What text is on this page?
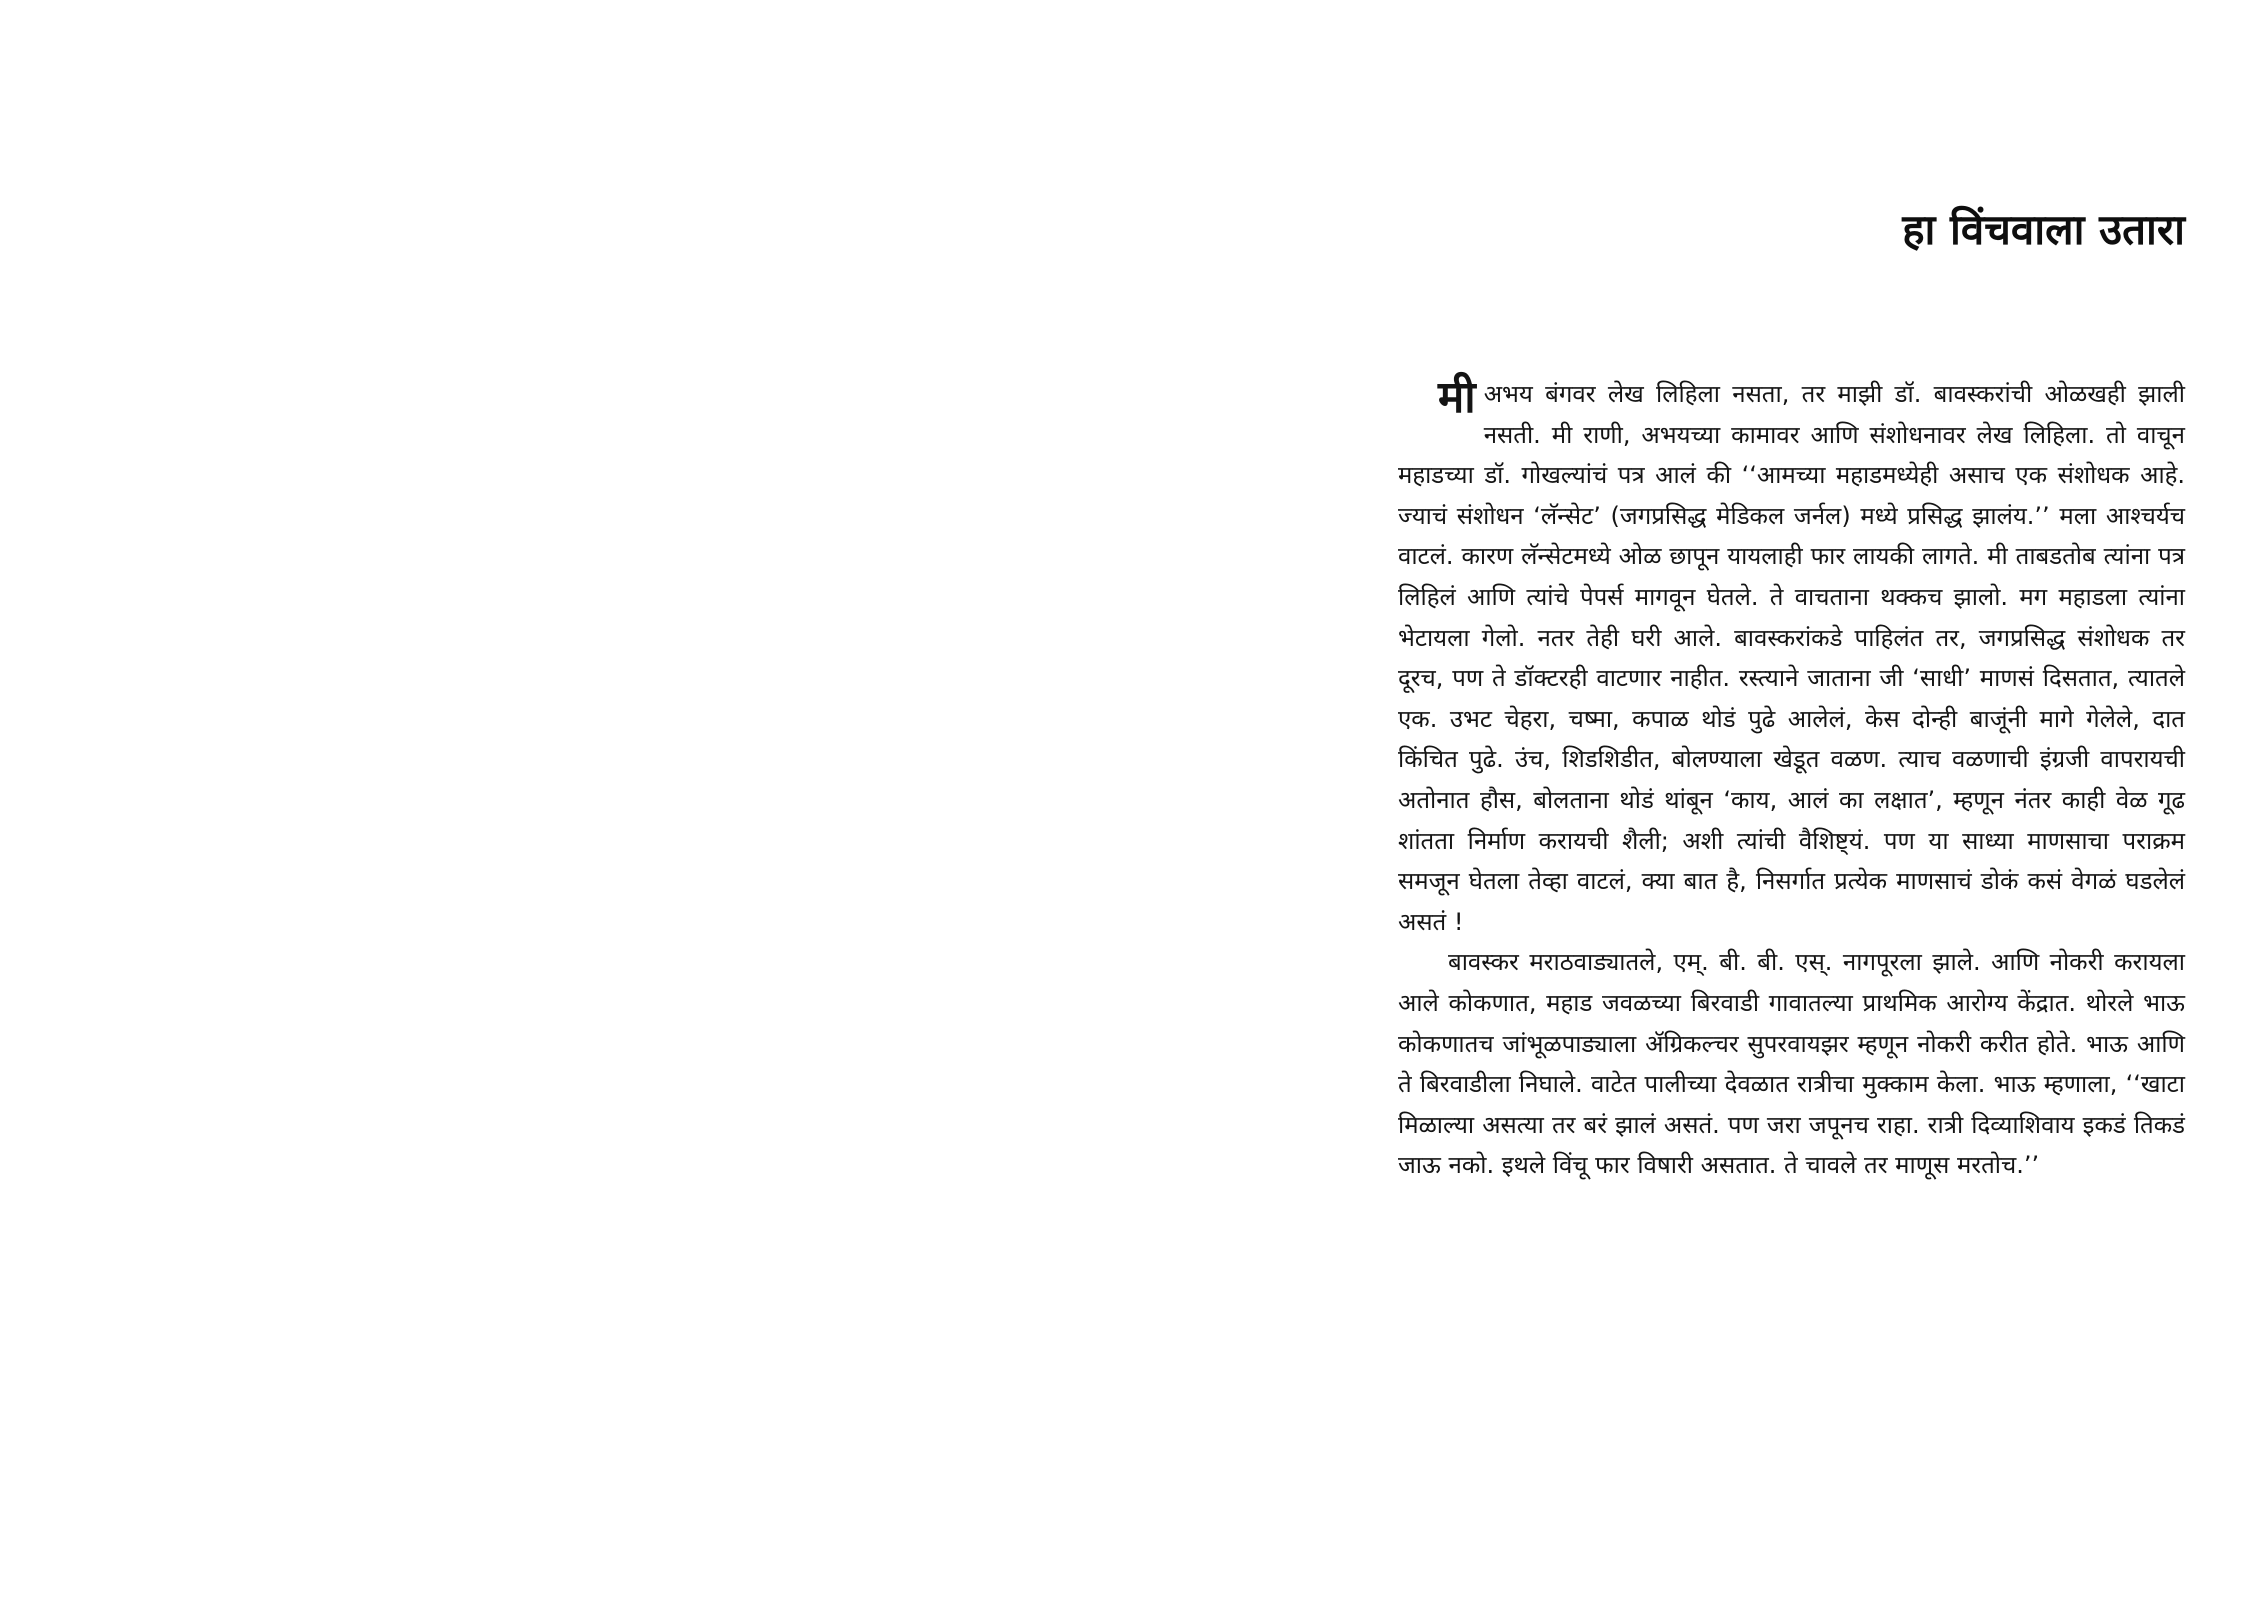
हा विंचवाला उतारा

मीअभय बंगवर लेख लिहिला नसता, तर माझी डॉ. बावस्करांची ओळखही झाली नसती. मी राणी, अभयच्या कामावर आणि संशोधनावर लेख लिहिला. तो वाचून महाडच्या डॉ. गोखल्यांचं पत्र आलं की ‘‘आमच्या महाडमध्येही असाच एक संशोधक आहे. ज्याचं संशोधन ‘लॅन्सेट’ (जगप्रसिद्ध मेडिकल जर्नल) मध्ये प्रसिद्ध झालंय.’’ मला आश्चर्यच वाटलं. कारण लॅन्सेटमध्ये ओळ छापून यायलाही फार लायकी लागते. मी ताबडतोब त्यांना पत्र लिहिलं आणि त्यांचे पेपर्स मागवून घेतले. ते वाचताना थक्कच झालो. मग महाडला त्यांना भेटायला गेलो. नतर तेही घरी आले. बावस्करांकडे पाहिलंत तर, जगप्रसिद्ध संशोधक तर दूरच, पण ते डॉक्टरही वाटणार नाहीत. रस्त्याने जाताना जी ‘साधी’ माणसं दिसतात, त्यातले एक. उभट चेहरा, चष्मा, कपाळ थोडं पुढे आलेलं, केस दोन्ही बाजूंनी मागे गेलेले, दात किंचित पुढे. उंच, शिडशिडीत, बोलण्याला खेडूत वळण. त्याच वळणाची इंग्रजी वापरायची अतोनात हौस, बोलताना थोडं थांबून ‘काय, आलं का लक्षात’, म्हणून नंतर काही वेळ गूढ शांतता निर्माण करायची शैली; अशी त्यांची वैशिष्ट्यं. पण या साध्या माणसाचा पराक्रम समजून घेतला तेव्हा वाटलं, क्या बात है, निसर्गात प्रत्येक माणसाचं डोकं कसं वेगळं घडलेलं असतं !

बावस्कर मराठवाड्यातले, एम्. बी. बी. एस्. नागपूरला झाले. आणि नोकरी करायला आले कोकणात, महाड जवळच्या बिरवाडी गावातल्या प्राथमिक आरोग्य केंद्रात. थोरले भाऊ कोकणातच जांभूळपाड्याला ॲग्रिकल्चर सुपरवायझर म्हणून नोकरी करीत होते. भाऊ आणि ते बिरवाडीला निघाले. वाटेत पालीच्या देवळात रात्रीचा मुक्काम केला. भाऊ म्हणाला, ‘‘खाटा मिळाल्या असत्या तर बरं झालं असतं. पण जरा जपूनच राहा. रात्री दिव्याशिवाय इकडं तिकडं जाऊ नको. इथले विंचू फार विषारी असतात. ते चावले तर माणूस मरतोच.’’
